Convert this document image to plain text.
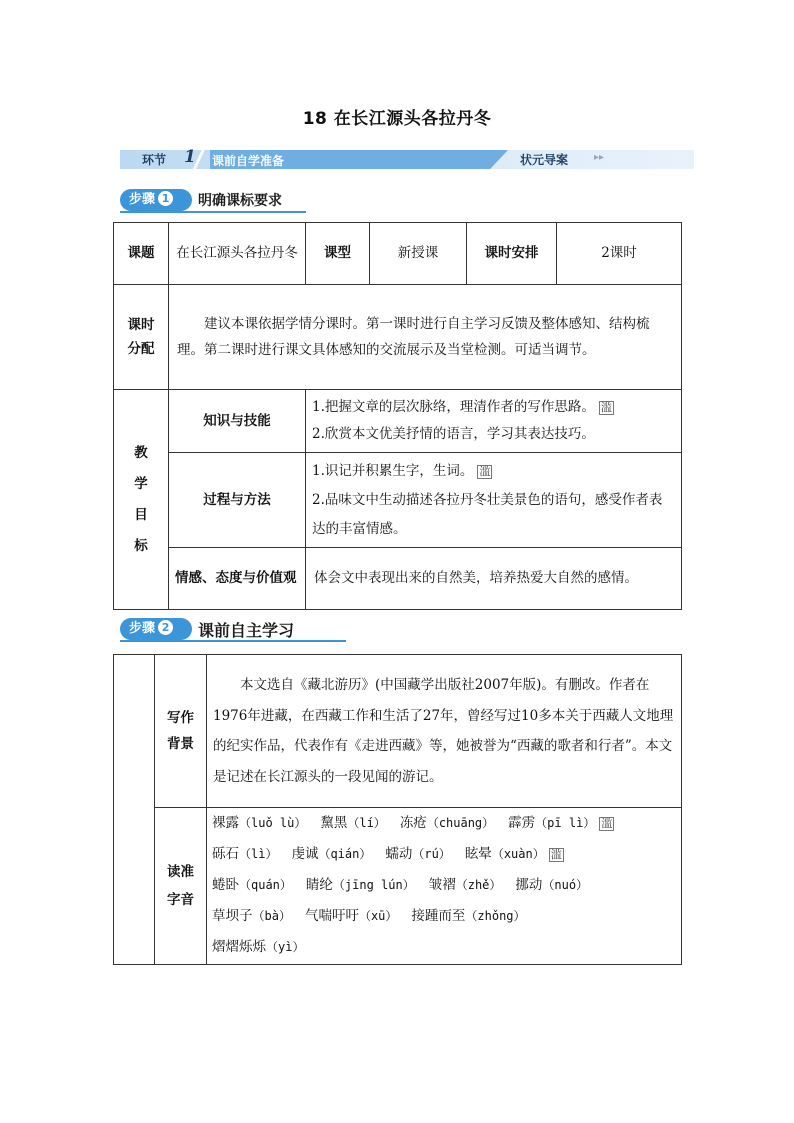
18 在长江源头各拉丹冬
环节 1 课前自学准备	状元导案	▸▸
步骤 1	明确课标要求
课题	在长江源头各拉丹冬	课型	新授课	课时安排	2课时
课时分配	建议本课依据学情分课时。第一课时进行自主学习反馈及整体感知、结构梳理。第二课时进行课文具体感知的交流展示及当堂检测。可适当调节。				
教学目标	知识与技能	1.把握文章的层次脉络，理清作者的写作思路。 滥
2.欣赏本文优美抒情的语言，学习其表达技巧。			

	过程与方法	1.识记并积累生字，生词。 滥
2.品味文中生动描述各拉丹冬壮美景色的语句，感受作者表达的丰富情感。			

	情感、态度与价值观	体会文中表现出来的自然美，培养热爱大自然的感情。			
步骤 2	课前自主学习
	写作背景	本文选自《藏北游历》(中国藏学出版社2007年版)。有删改。作者在1976年进藏，在西藏工作和生活了27年，曾经写过10多本关于西藏人文地理的纪实作品，代表作有《走进西藏》等，她被誉为“西藏的歌者和行者”。本文是记述在长江源头的一段见闻的游记。
	读准字音	裸露（luǒ lù） 黧黑（lí） 冻疮（chuāng） 霹雳（pī lì） 滥
砾石（lì） 虔诚（qián） 蠕动（rú） 眩晕（xuàn） 滥
蜷卧（quán） 睛纶（jīng lún） 皱褶（zhě） 挪动（nuó）
草坝子（bà） 气喘吁吁（xū） 接踵而至（zhǒng）
熠熠烁烁（yì）
